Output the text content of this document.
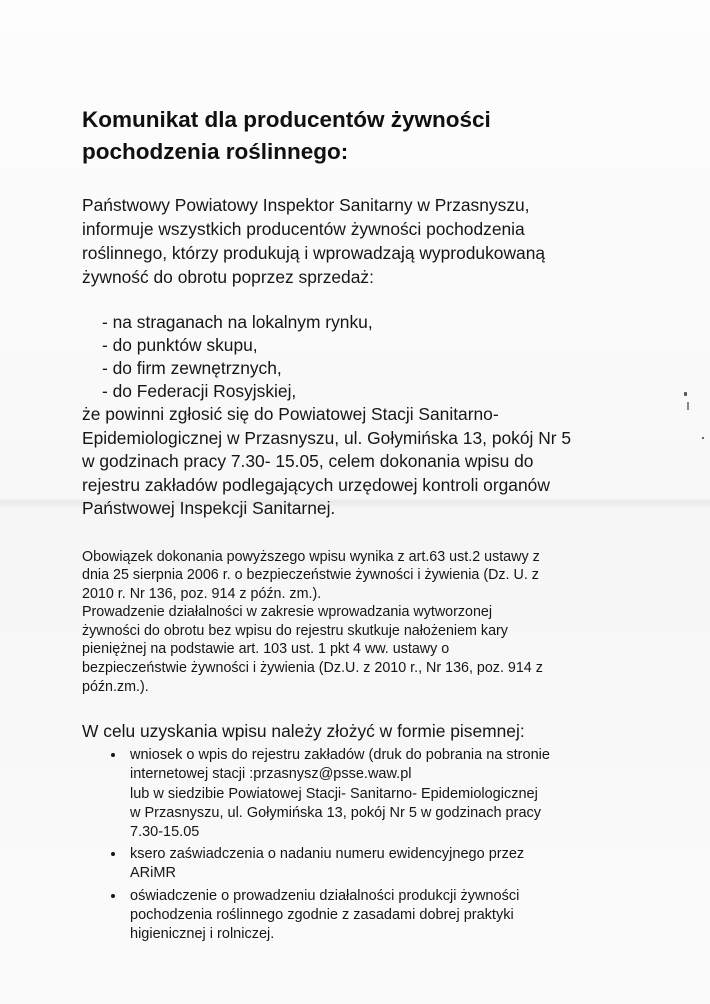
Komunikat dla producentów żywności
pochodzenia roślinnego:
Państwowy Powiatowy Inspektor Sanitarny w Przasnyszu,
informuje wszystkich producentów żywności pochodzenia
roślinnego, którzy produkują i wprowadzają wyprodukowaną
żywność do obrotu poprzez sprzedaż:
- na straganach na lokalnym rynku,
- do punktów skupu,
- do firm zewnętrznych,
- do Federacji Rosyjskiej,
że powinni zgłosić się do Powiatowej Stacji Sanitarno-
Epidemiologicznej w Przasnyszu, ul. Gołymińska 13, pokój Nr 5
w godzinach pracy 7.30- 15.05, celem dokonania wpisu do
rejestru zakładów podlegających urzędowej kontroli organów
Państwowej Inspekcji Sanitarnej.

Obowiązek dokonania powyższego wpisu wynika z art.63 ust.2 ustawy z
dnia 25 sierpnia 2006 r. o bezpieczeństwie żywności i żywienia (Dz. U. z
2010 r. Nr 136, poz. 914 z późn. zm.).

Prowadzenie działalności w zakresie wprowadzania wytworzonej
żywności do obrotu bez wpisu do rejestru skutkuje nałożeniem kary
pieniężnej na podstawie art. 103 ust. 1 pkt 4 ww. ustawy o
bezpieczeństwie żywności i żywienia (Dz.U. z 2010 r., Nr 136, poz. 914 z
późn.zm.).

W celu uzyskania wpisu należy złożyć w formie pisemnej:
• wniosek o wpis do rejestru zakładów (druk do pobrania na stronie
internetowej stacji :przasnysz@psse.waw.pl
lub w siedzibie Powiatowej Stacji- Sanitarno- Epidemiologicznej
w Przasnyszu, ul. Gołymińska 13, pokój Nr 5 w godzinach pracy
7.30-15.05
• ksero zaświadczenia o nadaniu numeru ewidencyjnego przez
ARiMR
• oświadczenie o prowadzeniu działalności produkcji żywności
pochodzenia roślinnego zgodnie z zasadami dobrej praktyki
higienicznej i rolniczej.
